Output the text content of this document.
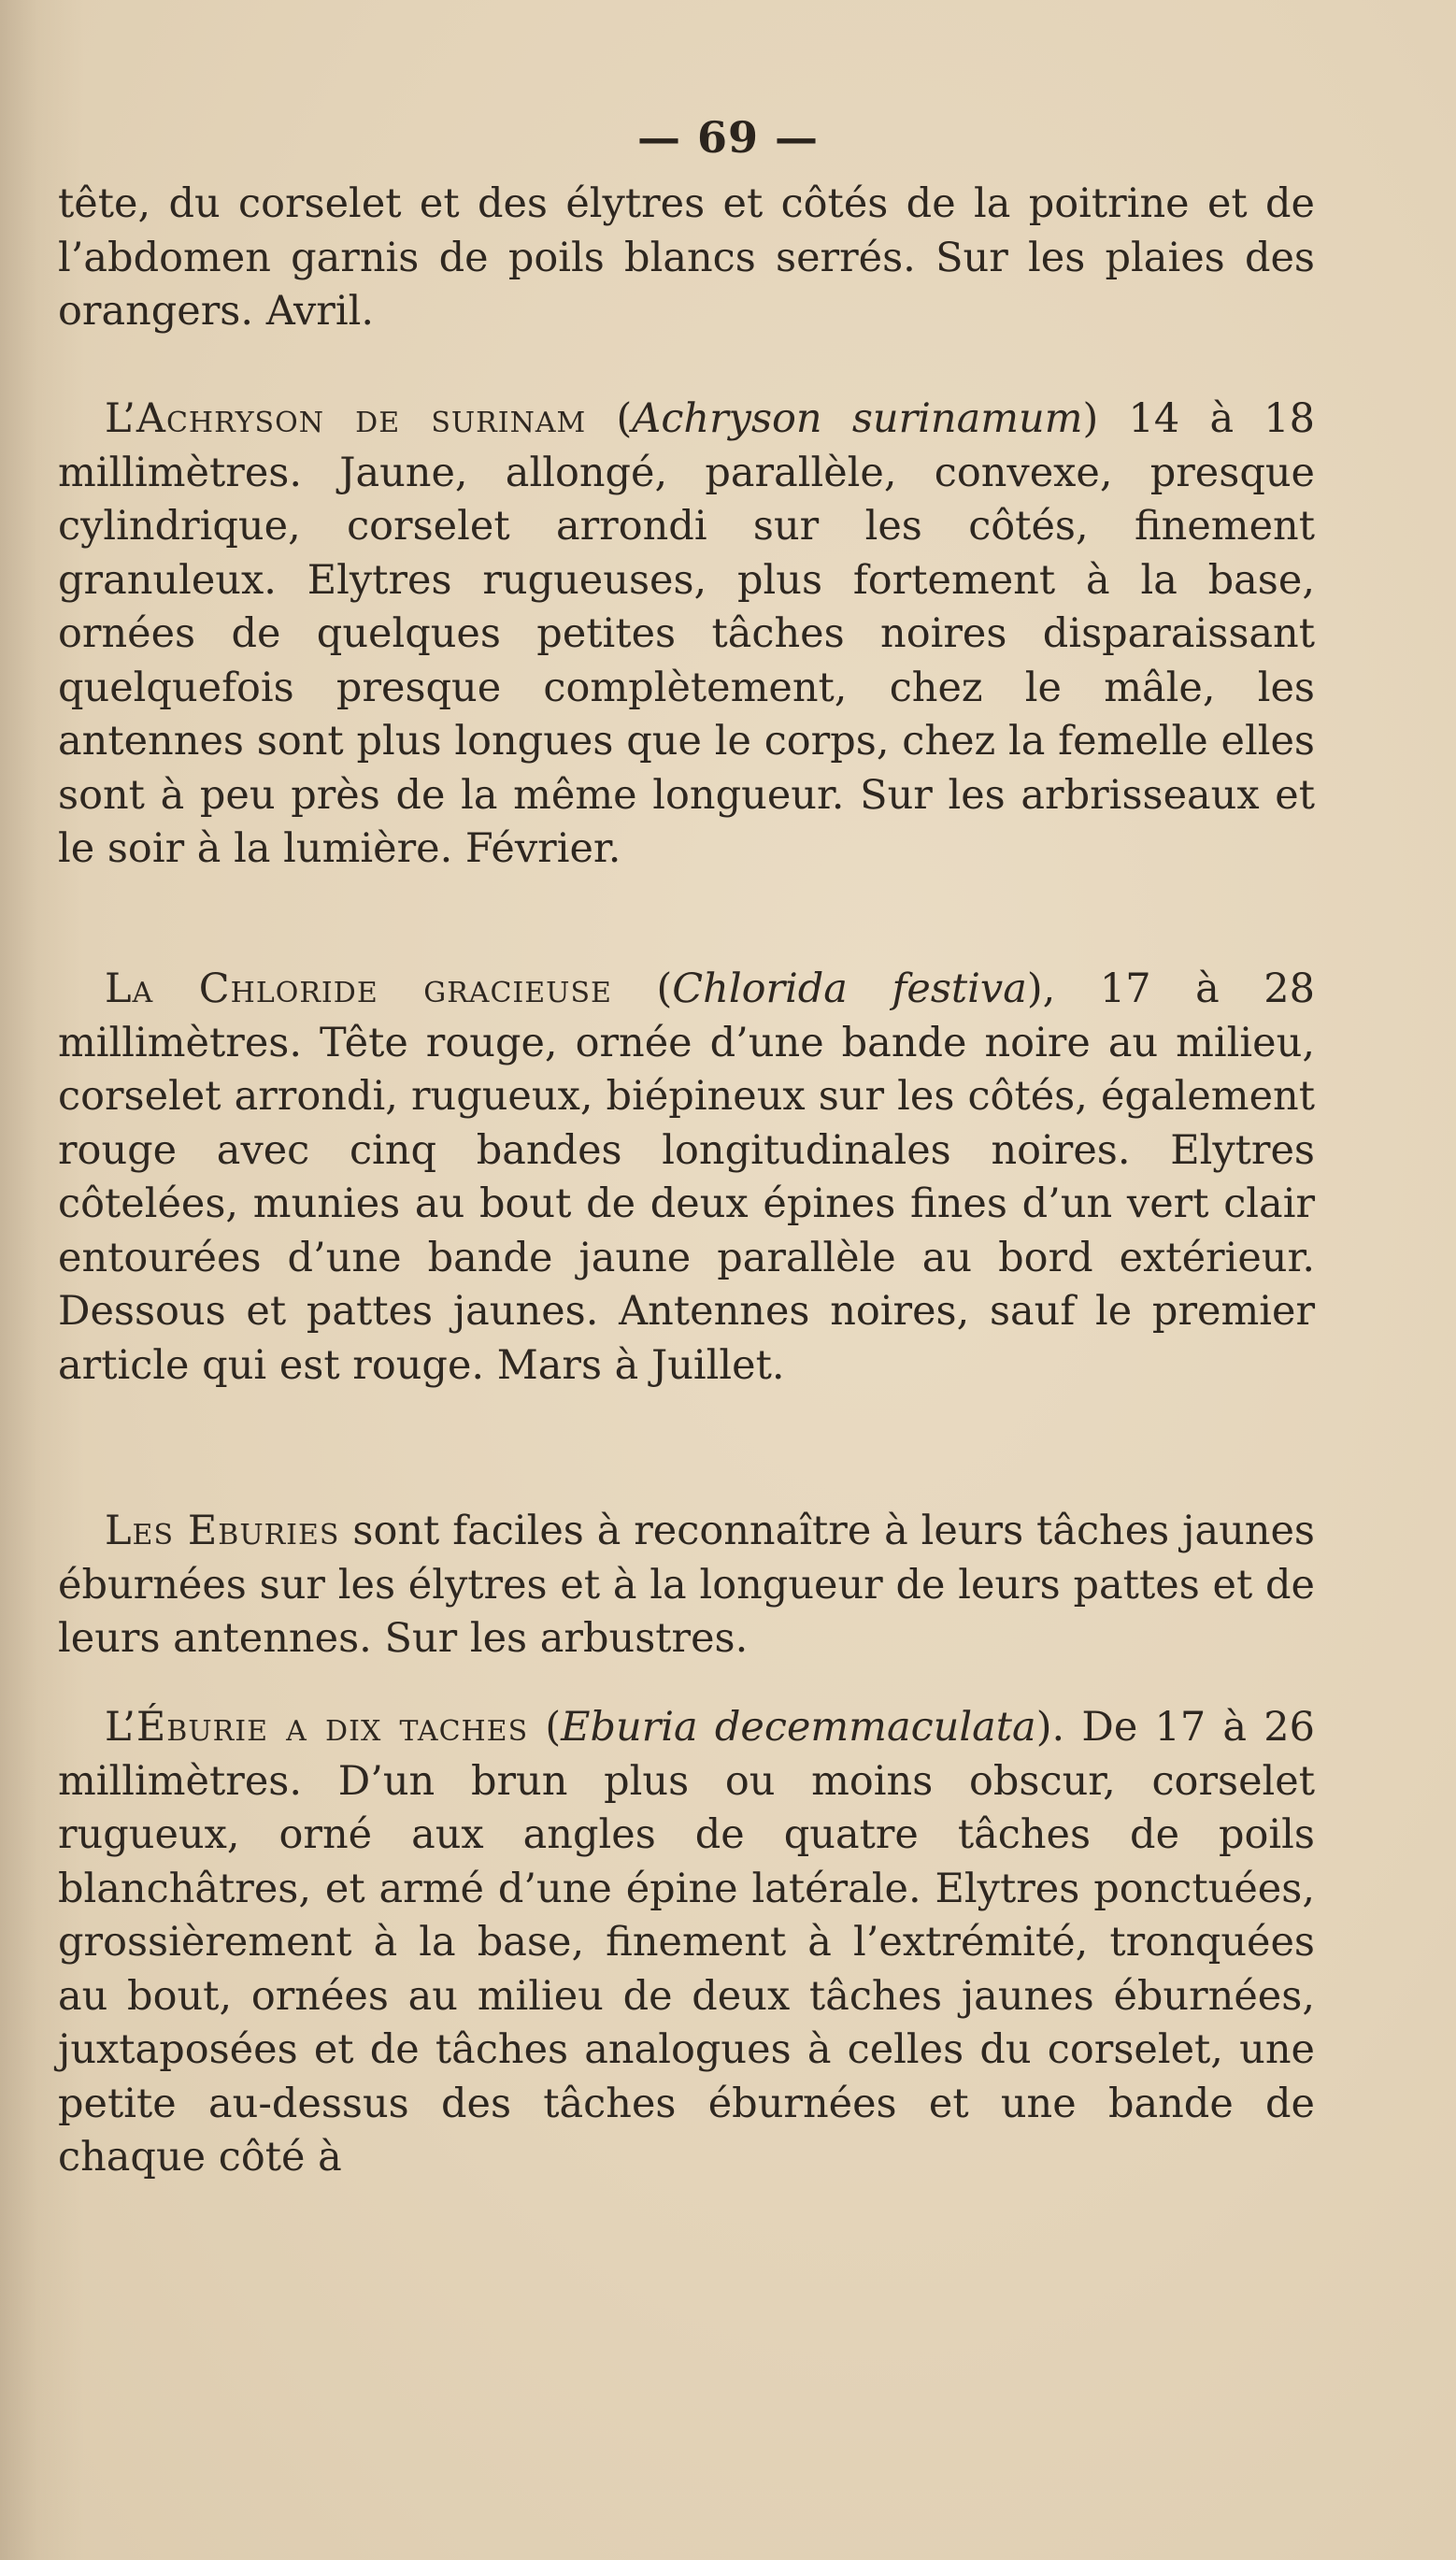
— 69 —

tête, du corselet et des élytres et côtés de la poitrine et de l’abdomen garnis de poils blancs serrés. Sur les plaies des orangers. Avril.

L’Achryson de surinam (Achryson surinamum) 14 à 18 millimètres. Jaune, allongé, parallèle, convexe, presque cylindrique, corselet arrondi sur les côtés, finement granuleux. Elytres rugueuses, plus fortement à la base, ornées de quelques petites tâches noires disparaissant quelquefois presque complètement, chez le mâle, les antennes sont plus longues que le corps, chez la femelle elles sont à peu près de la même longueur. Sur les arbrisseaux et le soir à la lumière. Février.

La Chloride gracieuse (Chlorida festiva), 17 à 28 millimètres. Tête rouge, ornée d’une bande noire au milieu, corselet arrondi, rugueux, biépineux sur les côtés, également rouge avec cinq bandes longitudinales noires. Elytres côtelées, munies au bout de deux épines fines d’un vert clair entourées d’une bande jaune parallèle au bord extérieur. Dessous et pattes jaunes. Antennes noires, sauf le premier article qui est rouge. Mars à Juillet.

Les Eburies sont faciles à reconnaître à leurs tâches jaunes éburnées sur les élytres et à la longueur de leurs pattes et de leurs antennes. Sur les arbustres.

L’Éburie a dix taches (Eburia decemmaculata). De 17 à 26 millimètres. D’un brun plus ou moins obscur, corselet rugueux, orné aux angles de quatre tâches de poils blanchâtres, et armé d’une épine latérale. Elytres ponctuées, grossièrement à la base, finement à l’extrémité, tronquées au bout, ornées au milieu de deux tâches jaunes éburnées, juxtaposées et de tâches analogues à celles du corselet, une petite au-dessus des tâches éburnées et une bande de chaque côté à
